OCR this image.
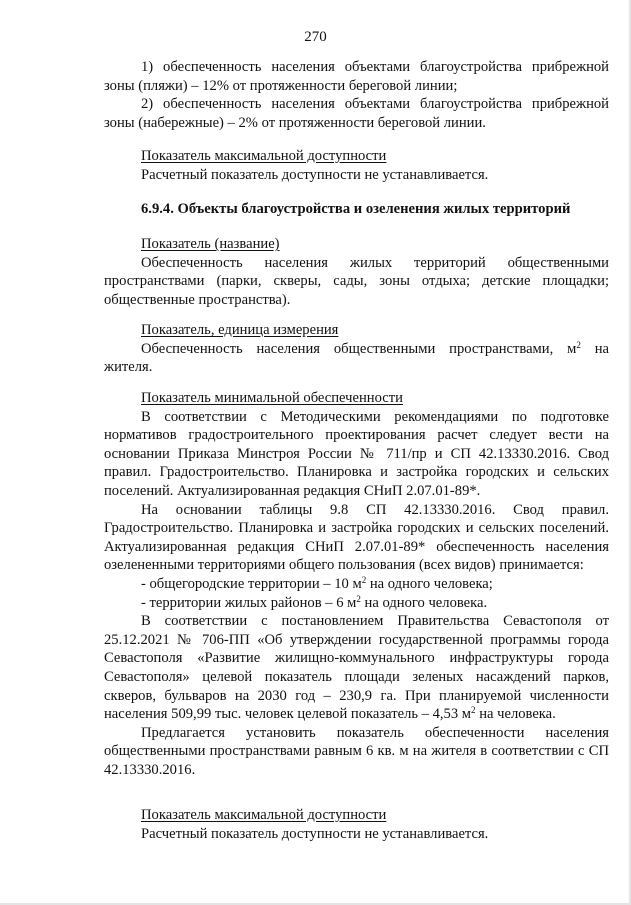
270

1) обеспеченность населения объектами благоустройства прибрежной зоны (пляжи) – 12% от протяженности береговой линии;

2) обеспеченность населения объектами благоустройства прибрежной зоны (набережные) – 2% от протяженности береговой линии.

Показатель максимальной доступности

Расчетный показатель доступности не устанавливается.

6.9.4. Объекты благоустройства и озеленения жилых территорий

Показатель (название)

Обеспеченность населения жилых территорий общественными пространствами (парки, скверы, сады, зоны отдыха; детские площадки; общественные пространства).

Показатель, единица измерения

Обеспеченность населения общественными пространствами, $м^2$ на жителя.

Показатель минимальной обеспеченности

В соответствии с Методическими рекомендациями по подготовке нормативов градостроительного проектирования расчет следует вести на основании Приказа Минстроя России № 711/пр и СП 42.13330.2016. Свод правил. Градостроительство. Планировка и застройка городских и сельских поселений. Актуализированная редакция СНиП 2.07.01-89*.

На основании таблицы 9.8 СП 42.13330.2016. Свод правил. Градостроительство. Планировка и застройка городских и сельских поселений. Актуализированная редакция СНиП 2.07.01-89* обеспеченность населения озелененными территориями общего пользования (всех видов) принимается:

- общегородские территории – 10 $м^2$ на одного человека;

- территории жилых районов – 6 $м^2$ на одного человека.

В соответствии с постановлением Правительства Севастополя от 25.12.2021 № 706-ПП «Об утверждении государственной программы города Севастополя «Развитие жилищно-коммунального инфраструктуры города Севастополя» целевой показатель площади зеленых насаждений парков, скверов, бульваров на 2030 год – 230,9 га. При планируемой численности населения 509,99 тыс. человек целевой показатель – 4,53 $м^2$ на человека.

Предлагается установить показатель обеспеченности населения общественными пространствами равным 6 кв. м на жителя в соответствии с СП 42.13330.2016.

Показатель максимальной доступности

Расчетный показатель доступности не устанавливается.
